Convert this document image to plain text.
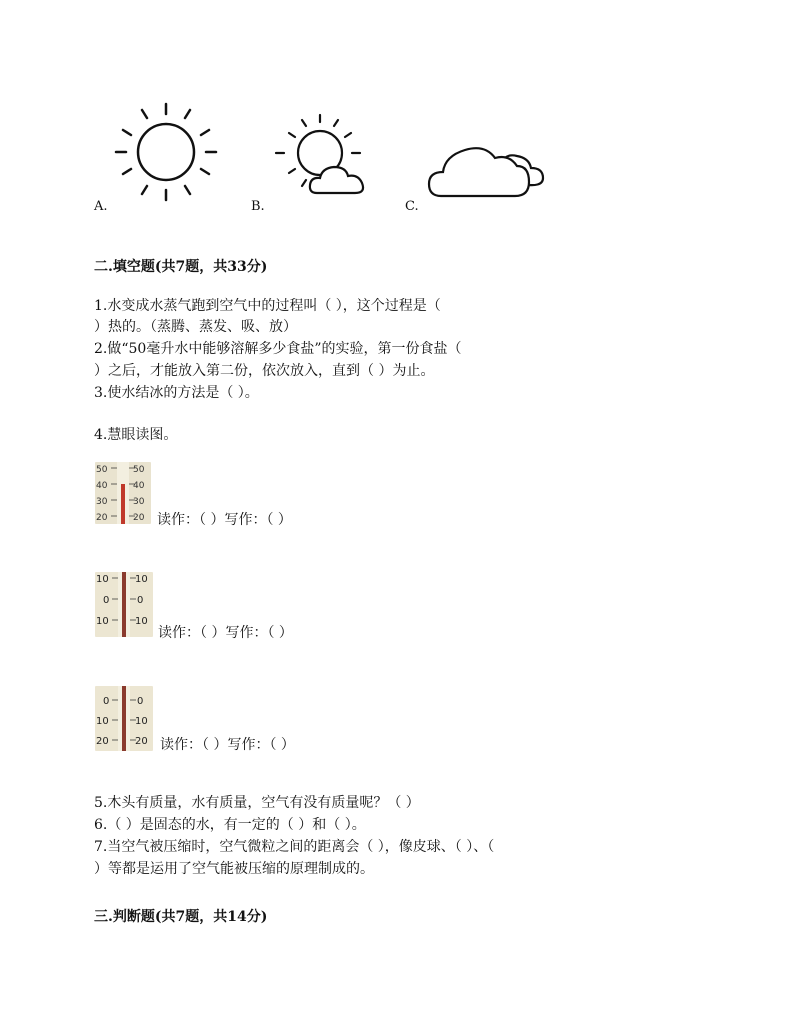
A.	B.	C.
二.填空题(共7题，共33分)
1.水变成水蒸气跑到空气中的过程叫（ ），这个过程是（
）热的。（蒸腾、蒸发、吸、放）
2.做“50毫升水中能够溶解多少食盐”的实验，第一份食盐（
）之后，才能放入第二份，依次放入，直到（ ）为止。
3.使水结冰的方法是（ ）。
4.慧眼读图。
50	50
40	40
30	30
20	20 读作：（ ）写作：（ ）
10	10
0	0
10	10
读作：（ ）写作：（ ）
0	0
10	10
20	20 读作：（ ）写作：（ ）
5.木头有质量，水有质量，空气有没有质量呢？（ ）
6.（ ）是固态的水，有一定的（ ）和（ ）。
7.当空气被压缩时，空气微粒之间的距离会（ ），像皮球、（ ）、（
）等都是运用了空气能被压缩的原理制成的。
三.判断题(共7题，共14分)
